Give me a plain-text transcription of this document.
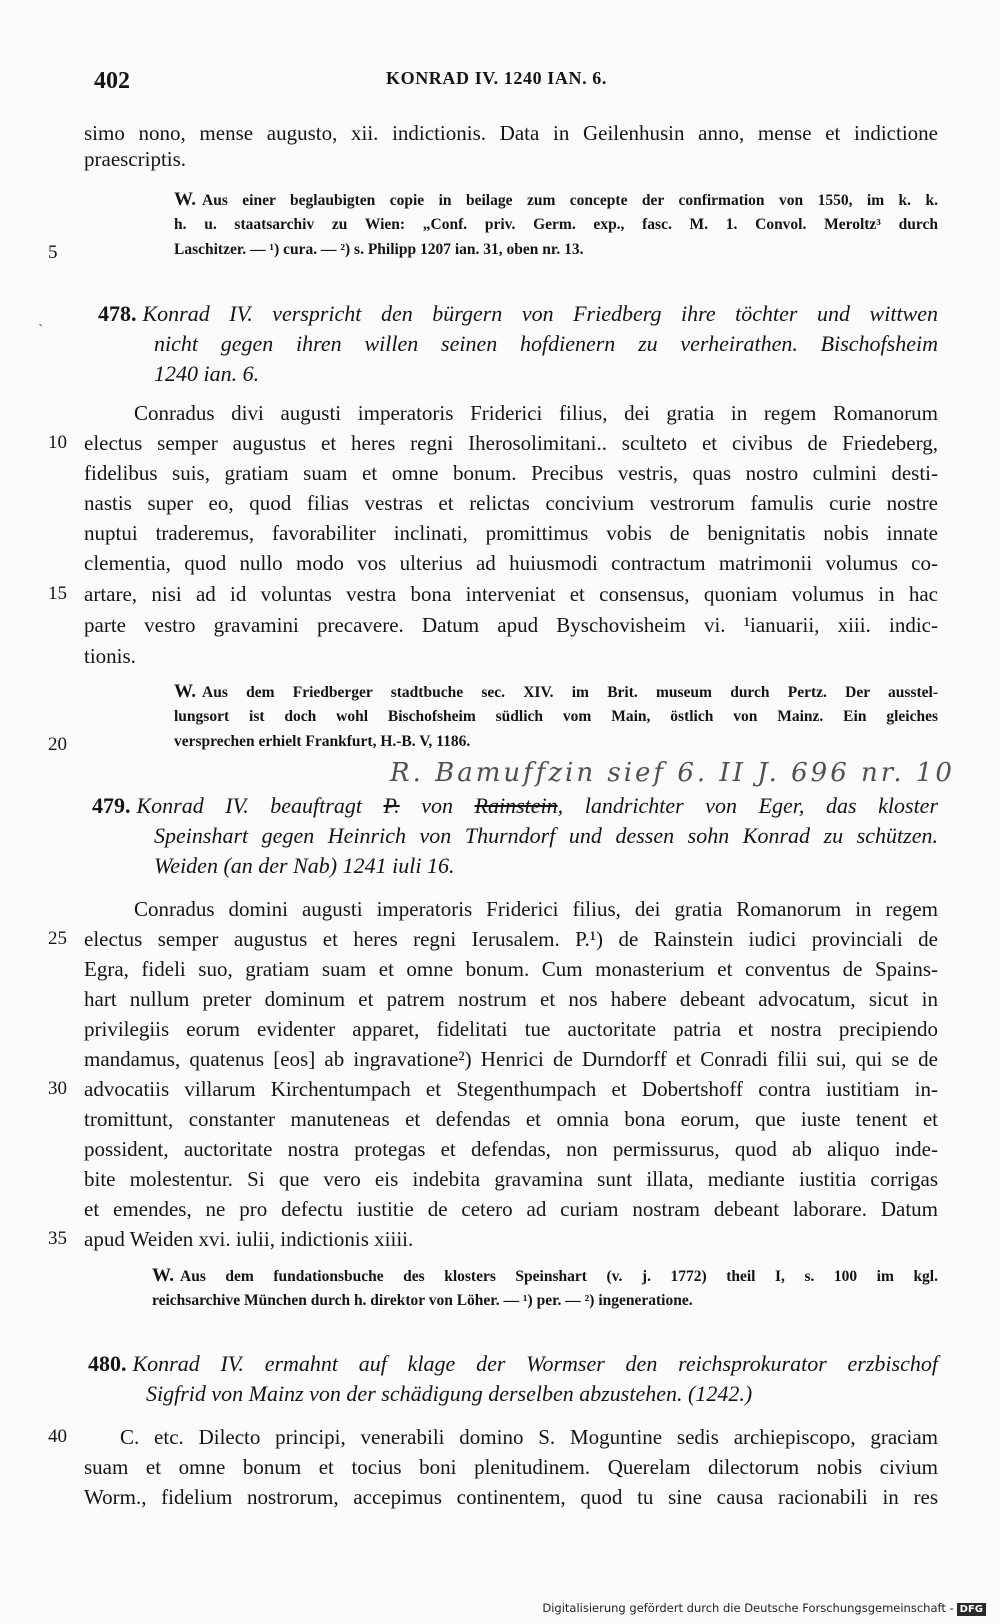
402	KONRAD IV. 1240 IAN. 6.
simo nono, mense augusto, xii. indictionis. Data in Geilenhusin anno, mense et indictione
praescriptis.
W. Aus einer beglaubigten copie in beilage zum concepte der confirmation von 1550, im k. k.
h. u. staatsarchiv zu Wien: „Conf. priv. Germ. exp., fasc. M. 1. Convol. Meroltz³ durch
Laschitzer. — ¹) cura. — ²) s. Philipp 1207 ian. 31, oben nr. 13.
ˋ
478. Konrad IV. verspricht den bürgern von Friedberg ihre töchter und wittwen
nicht gegen ihren willen seinen hofdienern zu verheirathen. Bischofsheim
1240 ian. 6.
Conradus divi augusti imperatoris Friderici filius, dei gratia in regem Romanorum
electus semper augustus et heres regni Iherosolimitani.. sculteto et civibus de Friedeberg,
fidelibus suis, gratiam suam et omne bonum. Precibus vestris, quas nostro culmini desti-
nastis super eo, quod filias vestras et relictas concivium vestrorum famulis curie nostre
nuptui traderemus, favorabiliter inclinati, promittimus vobis de benignitatis nobis innate
clementia, quod nullo modo vos ulterius ad huiusmodi contractum matrimonii volumus co-
artare, nisi ad id voluntas vestra bona interveniat et consensus, quoniam volumus in hac
parte vestro gravamini precavere. Datum apud Byschovisheim vi. ¹ianuarii, xiii. indic-
tionis.
W. Aus dem Friedberger stadtbuche sec. XIV. im Brit. museum durch Pertz. Der ausstel-
lungsort ist doch wohl Bischofsheim südlich vom Main, östlich von Mainz. Ein gleiches
versprechen erhielt Frankfurt, H.-B. V, 1186.
R. Bamuffzin sief 6. II J. 696 nr. 10
479. Konrad IV. beauftragt P. von Rainstein, landrichter von Eger, das kloster
Speinshart gegen Heinrich von Thurndorf und dessen sohn Konrad zu schützen.
Weiden (an der Nab) 1241 iuli 16.
Conradus domini augusti imperatoris Friderici filius, dei gratia Romanorum in regem
electus semper augustus et heres regni Ierusalem. P.¹) de Rainstein iudici provinciali de
Egra, fideli suo, gratiam suam et omne bonum. Cum monasterium et conventus de Spains-
hart nullum preter dominum et patrem nostrum et nos habere debeant advocatum, sicut in
privilegiis eorum evidenter apparet, fidelitati tue auctoritate patria et nostra precipiendo
mandamus, quatenus [eos] ab ingravatione²) Henrici de Durndorff et Conradi filii sui, qui se de
advocatiis villarum Kirchentumpach et Stegenthumpach et Dobertshoff contra iustitiam in-
tromittunt, constanter manuteneas et defendas et omnia bona eorum, que iuste tenent et
possident, auctoritate nostra protegas et defendas, non permissurus, quod ab aliquo inde-
bite molestentur. Si que vero eis indebita gravamina sunt illata, mediante iustitia corrigas
et emendes, ne pro defectu iustitie de cetero ad curiam nostram debeant laborare. Datum
apud Weiden xvi. iulii, indictionis xiiii.
W. Aus dem fundationsbuche des klosters Speinshart (v. j. 1772) theil I, s. 100 im kgl.
reichsarchive München durch h. direktor von Löher. — ¹) per. — ²) ingeneratione.
480. Konrad IV. ermahnt auf klage der Wormser den reichsprokurator erzbischof
Sigfrid von Mainz von der schädigung derselben abzustehen. (1242.)
C. etc. Dilecto principi, venerabili domino S. Moguntine sedis archiepiscopo, graciam
suam et omne bonum et tocius boni plenitudinem. Querelam dilectorum nobis civium
Worm., fidelium nostrorum, accepimus continentem, quod tu sine causa racionabili in res
5
10
15
20
25
30
35
40
Digitalisierung gefördert durch die Deutsche Forschungsgemeinschaft - DFG
